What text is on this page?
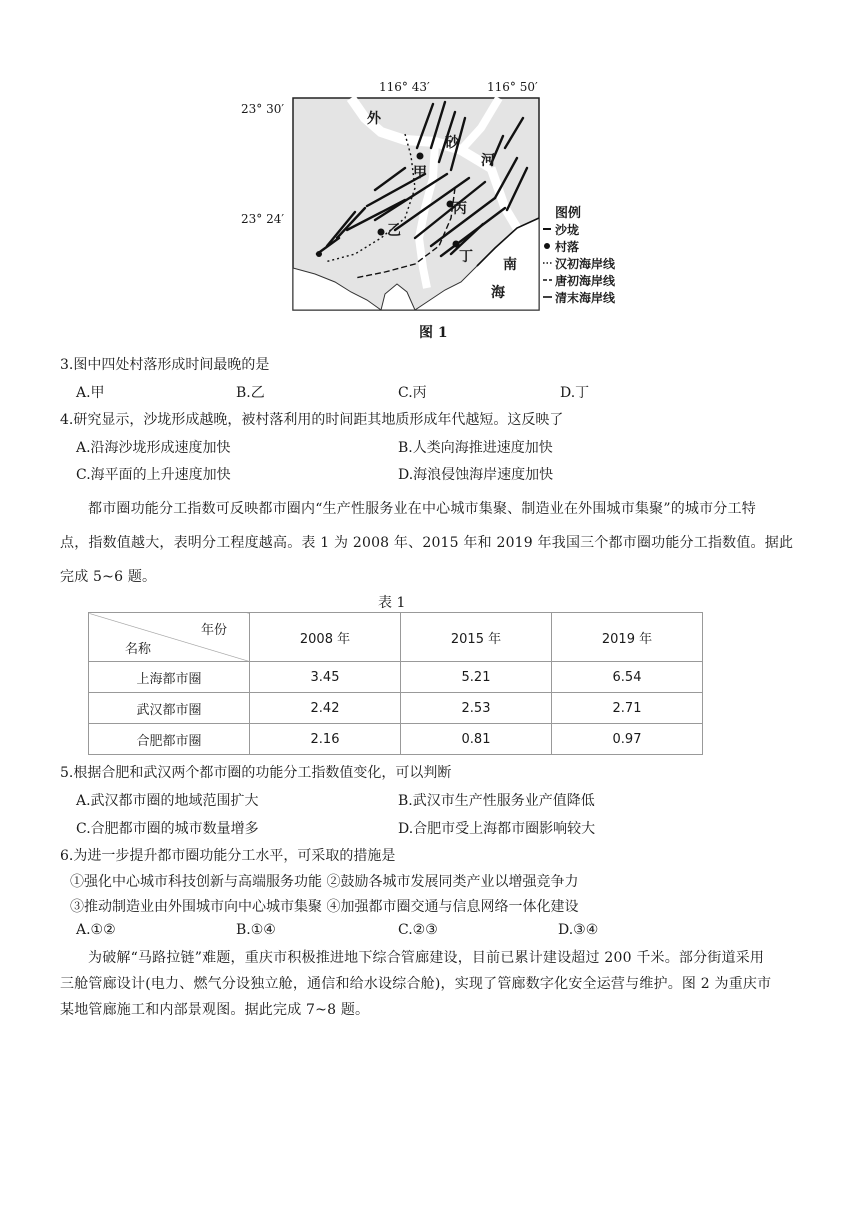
116° 43′	116° 50′
23° 30′
23° 24′
外
砂
河
甲
乙
丙
丁 南
海
图例
沙垅
村落
汉初海岸线
唐初海岸线
清末海岸线
图 1
3.图中四处村落形成时间最晚的是
A.甲	B.乙	C.丙	D.丁
4.研究显示，沙垅形成越晚，被村落利用的时间距其地质形成年代越短。这反映了
A.沿海沙垅形成速度加快	B.人类向海推进速度加快
C.海平面的上升速度加快	D.海浪侵蚀海岸速度加快
都市圈功能分工指数可反映都市圈内“生产性服务业在中心城市集聚、制造业在外围城市集聚”的城市分工特
点，指数值越大，表明分工程度越高。表 1 为 2008 年、2015 年和 2019 年我国三个都市圈功能分工指数值。据此
完成 5~6 题。
表 1
年份
名称	2008 年	2015 年	2019 年
上海都市圈	3.45	5.21	6.54
武汉都市圈	2.42	2.53	2.71
合肥都市圈	2.16	0.81	0.97
5.根据合肥和武汉两个都市圈的功能分工指数值变化，可以判断
A.武汉都市圈的地域范围扩大	B.武汉市生产性服务业产值降低
C.合肥都市圈的城市数量增多	D.合肥市受上海都市圈影响较大
6.为进一步提升都市圈功能分工水平，可采取的措施是
①强化中心城市科技创新与高端服务功能 ②鼓励各城市发展同类产业以增强竞争力
③推动制造业由外围城市向中心城市集聚 ④加强都市圈交通与信息网络一体化建设
A.①②	B.①④	C.②③	D.③④
为破解“马路拉链”难题，重庆市积极推进地下综合管廊建设，目前已累计建设超过 200 千米。部分街道采用
三舱管廊设计(电力、燃气分设独立舱，通信和给水设综合舱)，实现了管廊数字化安全运营与维护。图 2 为重庆市
某地管廊施工和内部景观图。据此完成 7~8 题。
